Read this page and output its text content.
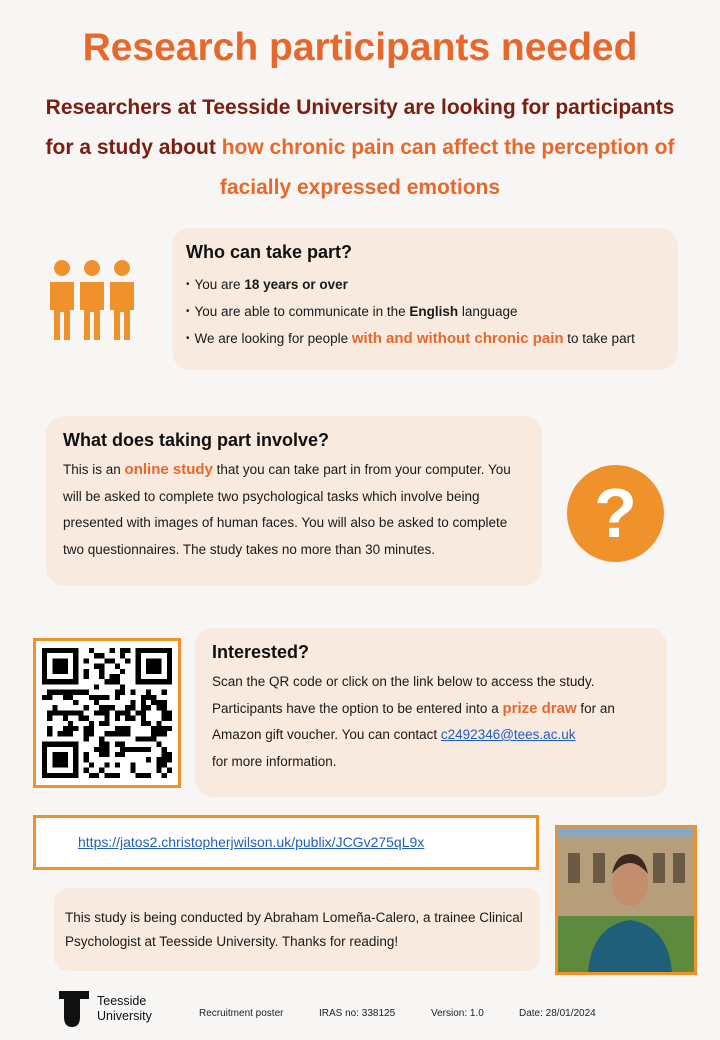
Research participants needed
Researchers at Teesside University are looking for participants for a study about how chronic pain can affect the perception of facially expressed emotions
Who can take part?
• You are 18 years or over
• You are able to communicate in the English language
• We are looking for people with and without chronic pain to take part
What does taking part involve?

This is an online study that you can take part in from your computer. You will be asked to complete two psychological tasks which involve being presented with images of human faces. You will also be asked to complete two questionnaires. The study takes no more than 30 minutes.	?
Interested?

Scan the QR code or click on the link below to access the study. Participants have the option to be entered into a prize draw for an Amazon gift voucher. You can contact c2492346@tees.ac.uk
for more information.

https://jatos2.christopherjwilson.uk/publix/JCGv275qL9x
This study is being conducted by Abraham Lomeña-Calero, a trainee Clinical Psychologist at Teesside University. Thanks for reading!
Teesside
University	Recruitment poster	IRAS no: 338125	Version: 1.0	Date: 28/01/2024
